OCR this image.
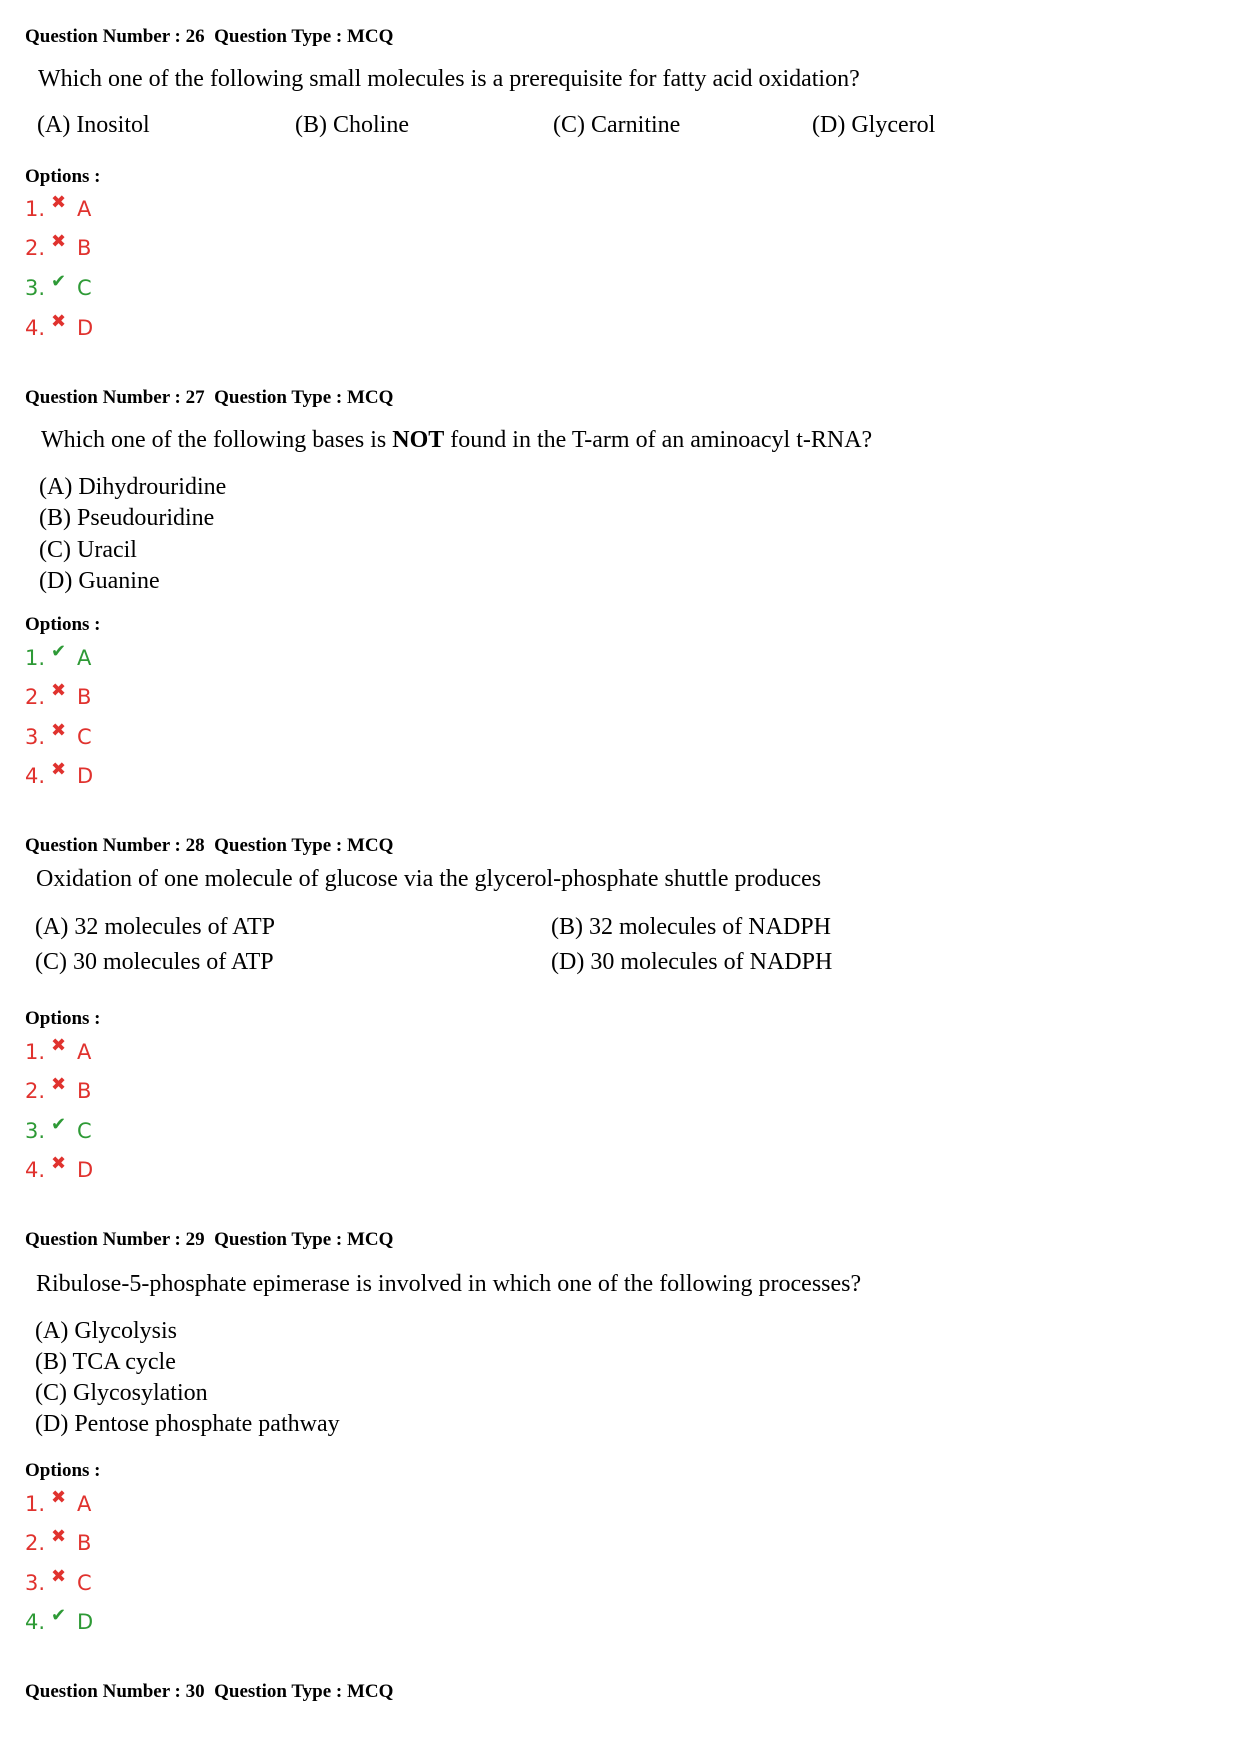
Question Number : 26  Question Type : MCQ
Which one of the following small molecules is a prerequisite for fatty acid oxidation?
(A) Inositol	(B) Choline	(C) Carnitine	(D) Glycerol
Options :
1. ✖ A
2. ✖ B
3. ✔ C
4. ✖ D
Question Number : 27  Question Type : MCQ
Which one of the following bases is NOT found in the T-arm of an aminoacyl t-RNA?
(A) Dihydrouridine
(B) Pseudouridine
(C) Uracil
(D) Guanine
Options :
1. ✔ A
2. ✖ B
3. ✖ C
4. ✖ D
Question Number : 28  Question Type : MCQ
Oxidation of one molecule of glucose via the glycerol-phosphate shuttle produces
(A) 32 molecules of ATP	(B) 32 molecules of NADPH
(C) 30 molecules of ATP	(D) 30 molecules of NADPH
Options :
1. ✖ A
2. ✖ B
3. ✔ C
4. ✖ D
Question Number : 29  Question Type : MCQ
Ribulose-5-phosphate epimerase is involved in which one of the following processes?
(A) Glycolysis
(B) TCA cycle
(C) Glycosylation
(D) Pentose phosphate pathway
Options :
1. ✖ A
2. ✖ B
3. ✖ C
4. ✔ D
Question Number : 30  Question Type : MCQ
